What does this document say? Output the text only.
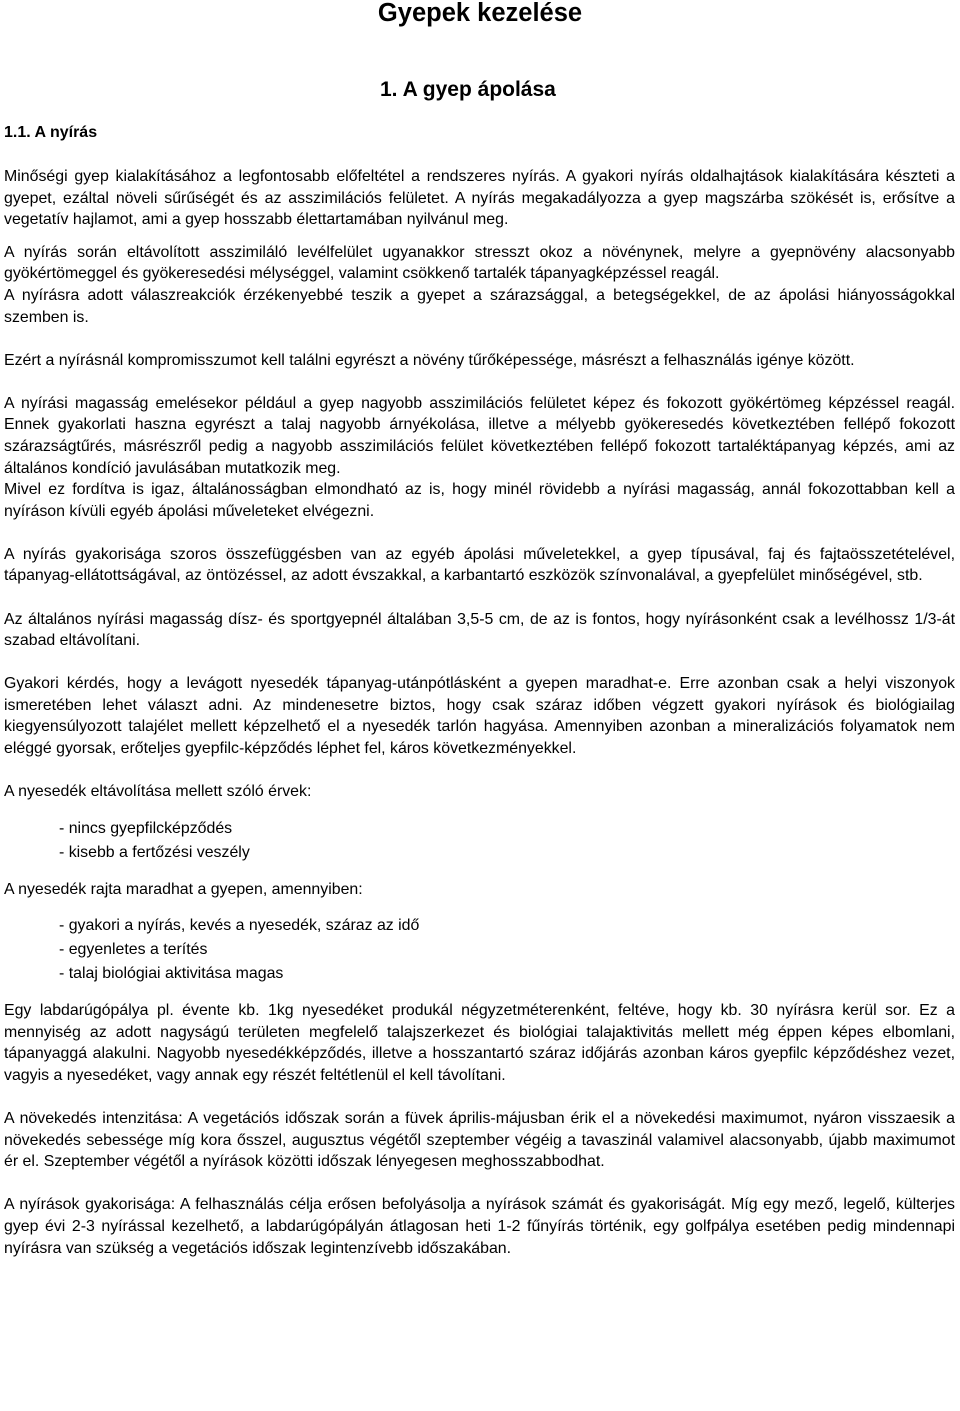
Gyepek kezelése
1. A gyep ápolása
1.1. A nyírás

Minőségi gyep kialakításához a legfontosabb előfeltétel a rendszeres nyírás. A gyakori nyírás oldalhajtások kialakítására készteti a gyepet, ezáltal növeli sűrűségét és az asszimilációs felületet. A nyírás megakadályozza a gyep magszárba szökését is, erősítve a vegetatív hajlamot, ami a gyep hosszabb élettartamában nyilvánul meg.

A nyírás során eltávolított asszimiláló levélfelület ugyanakkor stresszt okoz a növénynek, melyre a gyepnövény alacsonyabb gyökértömeggel és gyökeresedési mélységgel, valamint csökkenő tartalék tápanyagképzéssel reagál.

A nyírásra adott válaszreakciók érzékenyebbé teszik a gyepet a szárazsággal, a betegségekkel, de az ápolási hiányosságokkal szemben is.

Ezért a nyírásnál kompromisszumot kell találni egyrészt a növény tűrőképessége, másrészt a felhasználás igénye között.

A nyírási magasság emelésekor például a gyep nagyobb asszimilációs felületet képez és fokozott gyökértömeg képzéssel reagál. Ennek gyakorlati haszna egyrészt a talaj nagyobb árnyékolása, illetve a mélyebb gyökeresedés következtében fellépő fokozott szárazságtűrés, másrészről pedig a nagyobb asszimilációs felület következtében fellépő fokozott tartaléktápanyag képzés, ami az általános kondíció javulásában mutatkozik meg.

Mivel ez fordítva is igaz, általánosságban elmondható az is, hogy minél rövidebb a nyírási magasság, annál fokozottabban kell a nyíráson kívüli egyéb ápolási műveleteket elvégezni.

A nyírás gyakorisága szoros összefüggésben van az egyéb ápolási műveletekkel, a gyep típusával, faj és fajtaösszetételével, tápanyag-ellátottságával, az öntözéssel, az adott évszakkal, a karbantartó eszközök színvonalával, a gyepfelület minőségével, stb.

Az általános nyírási magasság dísz- és sportgyepnél általában 3,5-5 cm, de az is fontos, hogy nyírásonként csak a levélhossz 1/3-át szabad eltávolítani.

Gyakori kérdés, hogy a levágott nyesedék tápanyag-utánpótlásként a gyepen maradhat-e. Erre azonban csak a helyi viszonyok ismeretében lehet választ adni. Az mindenesetre biztos, hogy csak száraz időben végzett gyakori nyírások és biológiailag kiegyensúlyozott talajélet mellett képzelhető el a nyesedék tarlón hagyása. Amennyiben azonban a mineralizációs folyamatok nem eléggé gyorsak, erőteljes gyepfilc-képződés léphet fel, káros következményekkel.

A nyesedék eltávolítása mellett szóló érvek:

- nincs gyepfilcképződés
- kisebb a fertőzési veszély

A nyesedék rajta maradhat a gyepen, amennyiben:

- gyakori a nyírás, kevés a nyesedék, száraz az idő
- egyenletes a terítés
- talaj biológiai aktivitása magas

Egy labdarúgópálya pl. évente kb. 1kg nyesedéket produkál négyzetméterenként, feltéve, hogy kb. 30 nyírásra kerül sor. Ez a mennyiség az adott nagyságú területen megfelelő talajszerkezet és biológiai talajaktivitás mellett még éppen képes elbomlani, tápanyaggá alakulni. Nagyobb nyesedékképződés, illetve a hosszantartó száraz időjárás azonban káros gyepfilc képződéshez vezet, vagyis a nyesedéket, vagy annak egy részét feltétlenül el kell távolítani.

A növekedés intenzitása: A vegetációs időszak során a füvek április-májusban érik el a növekedési maximumot, nyáron visszaesik a növekedés sebessége míg kora ősszel, augusztus végétől szeptember végéig a tavaszinál valamivel alacsonyabb, újabb maximumot ér el. Szeptember végétől a nyírások közötti időszak lényegesen meghosszabbodhat.

A nyírások gyakorisága: A felhasználás célja erősen befolyásolja a nyírások számát és gyakoriságát. Míg egy mező, legelő, külterjes gyep évi 2-3 nyírással kezelhető, a labdarúgópályán átlagosan heti 1-2 fűnyírás történik, egy golfpálya esetében pedig mindennapi nyírásra van szükség a vegetációs időszak legintenzívebb időszakában.
